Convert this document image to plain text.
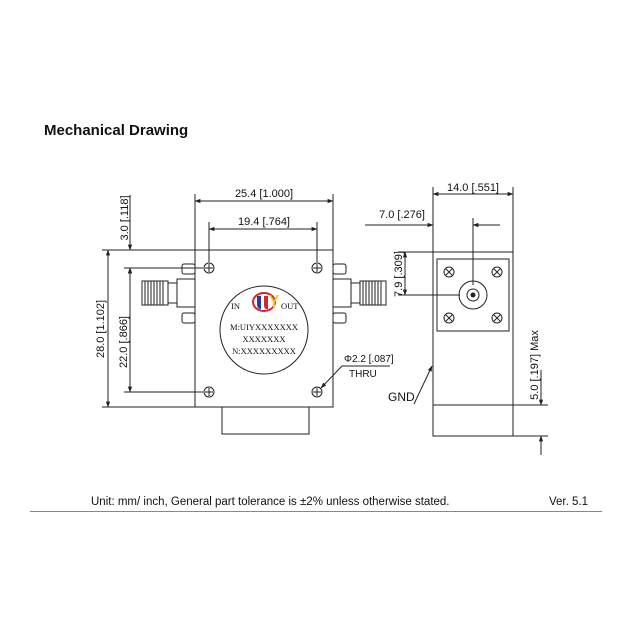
Mechanical Drawing
25.4 [1.000]
19.4 [.764]
3.0 [.118]
28.0 [1.102] 22.0 [.866]	Φ2.2 [.087]
THRU
IN	OUT
M:UIYXXXXXXX
XXXXXXX
N:XXXXXXXXX
14.0 [.551]
7.0 [.276]
7.9 [.309]
5.0 [.197] Max
GND
Unit: mm/ inch, General part tolerance is ±2% unless otherwise stated.	Ver. 5.1
